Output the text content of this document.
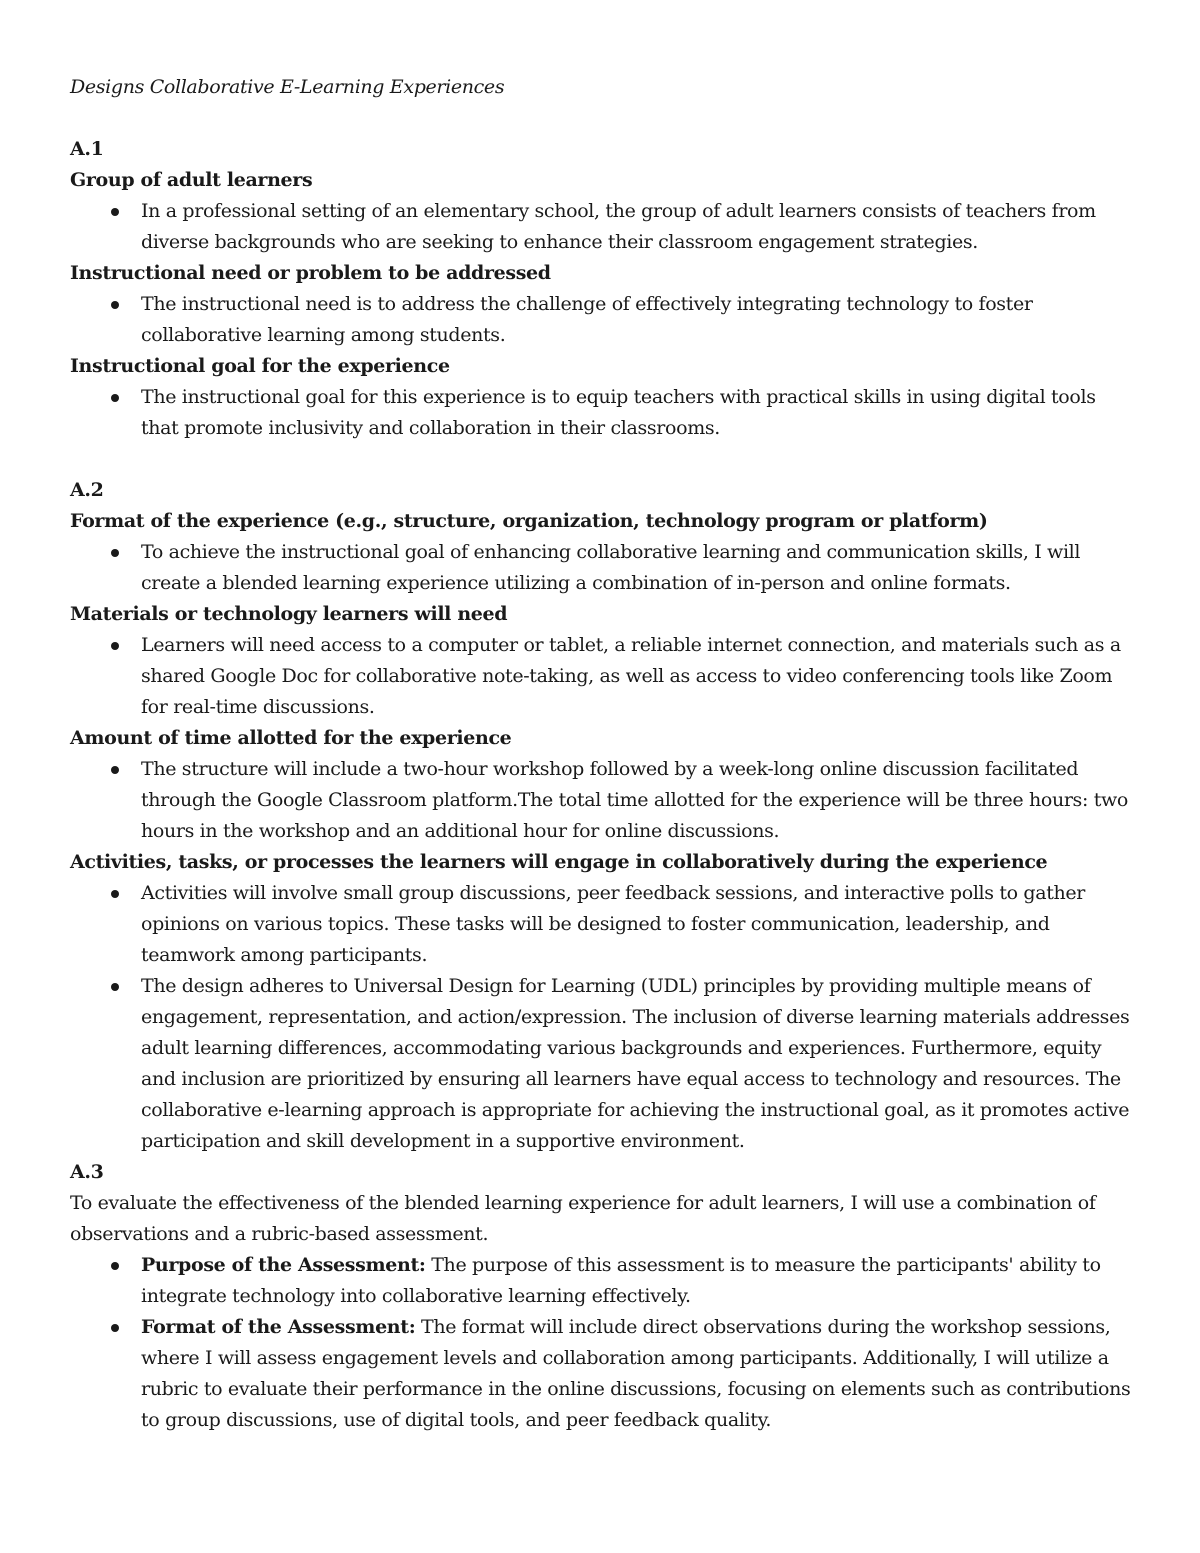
Designs Collaborative E-Learning Experiences

A.1

Group of adult learners

In a professional setting of an elementary school, the group of adult learners consists of teachers from diverse backgrounds who are seeking to enhance their classroom engagement strategies.

Instructional need or problem to be addressed

The instructional need is to address the challenge of effectively integrating technology to foster collaborative learning among students.

Instructional goal for the experience

The instructional goal for this experience is to equip teachers with practical skills in using digital tools that promote inclusivity and collaboration in their classrooms.

A.2

Format of the experience (e.g., structure, organization, technology program or platform)

To achieve the instructional goal of enhancing collaborative learning and communication skills, I will create a blended learning experience utilizing a combination of in-person and online formats.

Materials or technology learners will need

Learners will need access to a computer or tablet, a reliable internet connection, and materials such as a shared Google Doc for collaborative note-taking, as well as access to video conferencing tools like Zoom for real-time discussions.

Amount of time allotted for the experience

The structure will include a two-hour workshop followed by a week-long online discussion facilitated through the Google Classroom platform.The total time allotted for the experience will be three hours: two hours in the workshop and an additional hour for online discussions.

Activities, tasks, or processes the learners will engage in collaboratively during the experience

Activities will involve small group discussions, peer feedback sessions, and interactive polls to gather opinions on various topics. These tasks will be designed to foster communication, leadership, and teamwork among participants.
The design adheres to Universal Design for Learning (UDL) principles by providing multiple means of engagement, representation, and action/expression. The inclusion of diverse learning materials addresses adult learning differences, accommodating various backgrounds and experiences. Furthermore, equity and inclusion are prioritized by ensuring all learners have equal access to technology and resources. The collaborative e-learning approach is appropriate for achieving the instructional goal, as it promotes active participation and skill development in a supportive environment.

A.3

To evaluate the effectiveness of the blended learning experience for adult learners, I will use a combination of observations and a rubric-based assessment.

Purpose of the Assessment: The purpose of this assessment is to measure the participants' ability to integrate technology into collaborative learning effectively.
Format of the Assessment: The format will include direct observations during the workshop sessions, where I will assess engagement levels and collaboration among participants. Additionally, I will utilize a rubric to evaluate their performance in the online discussions, focusing on elements such as contributions to group discussions, use of digital tools, and peer feedback quality.
